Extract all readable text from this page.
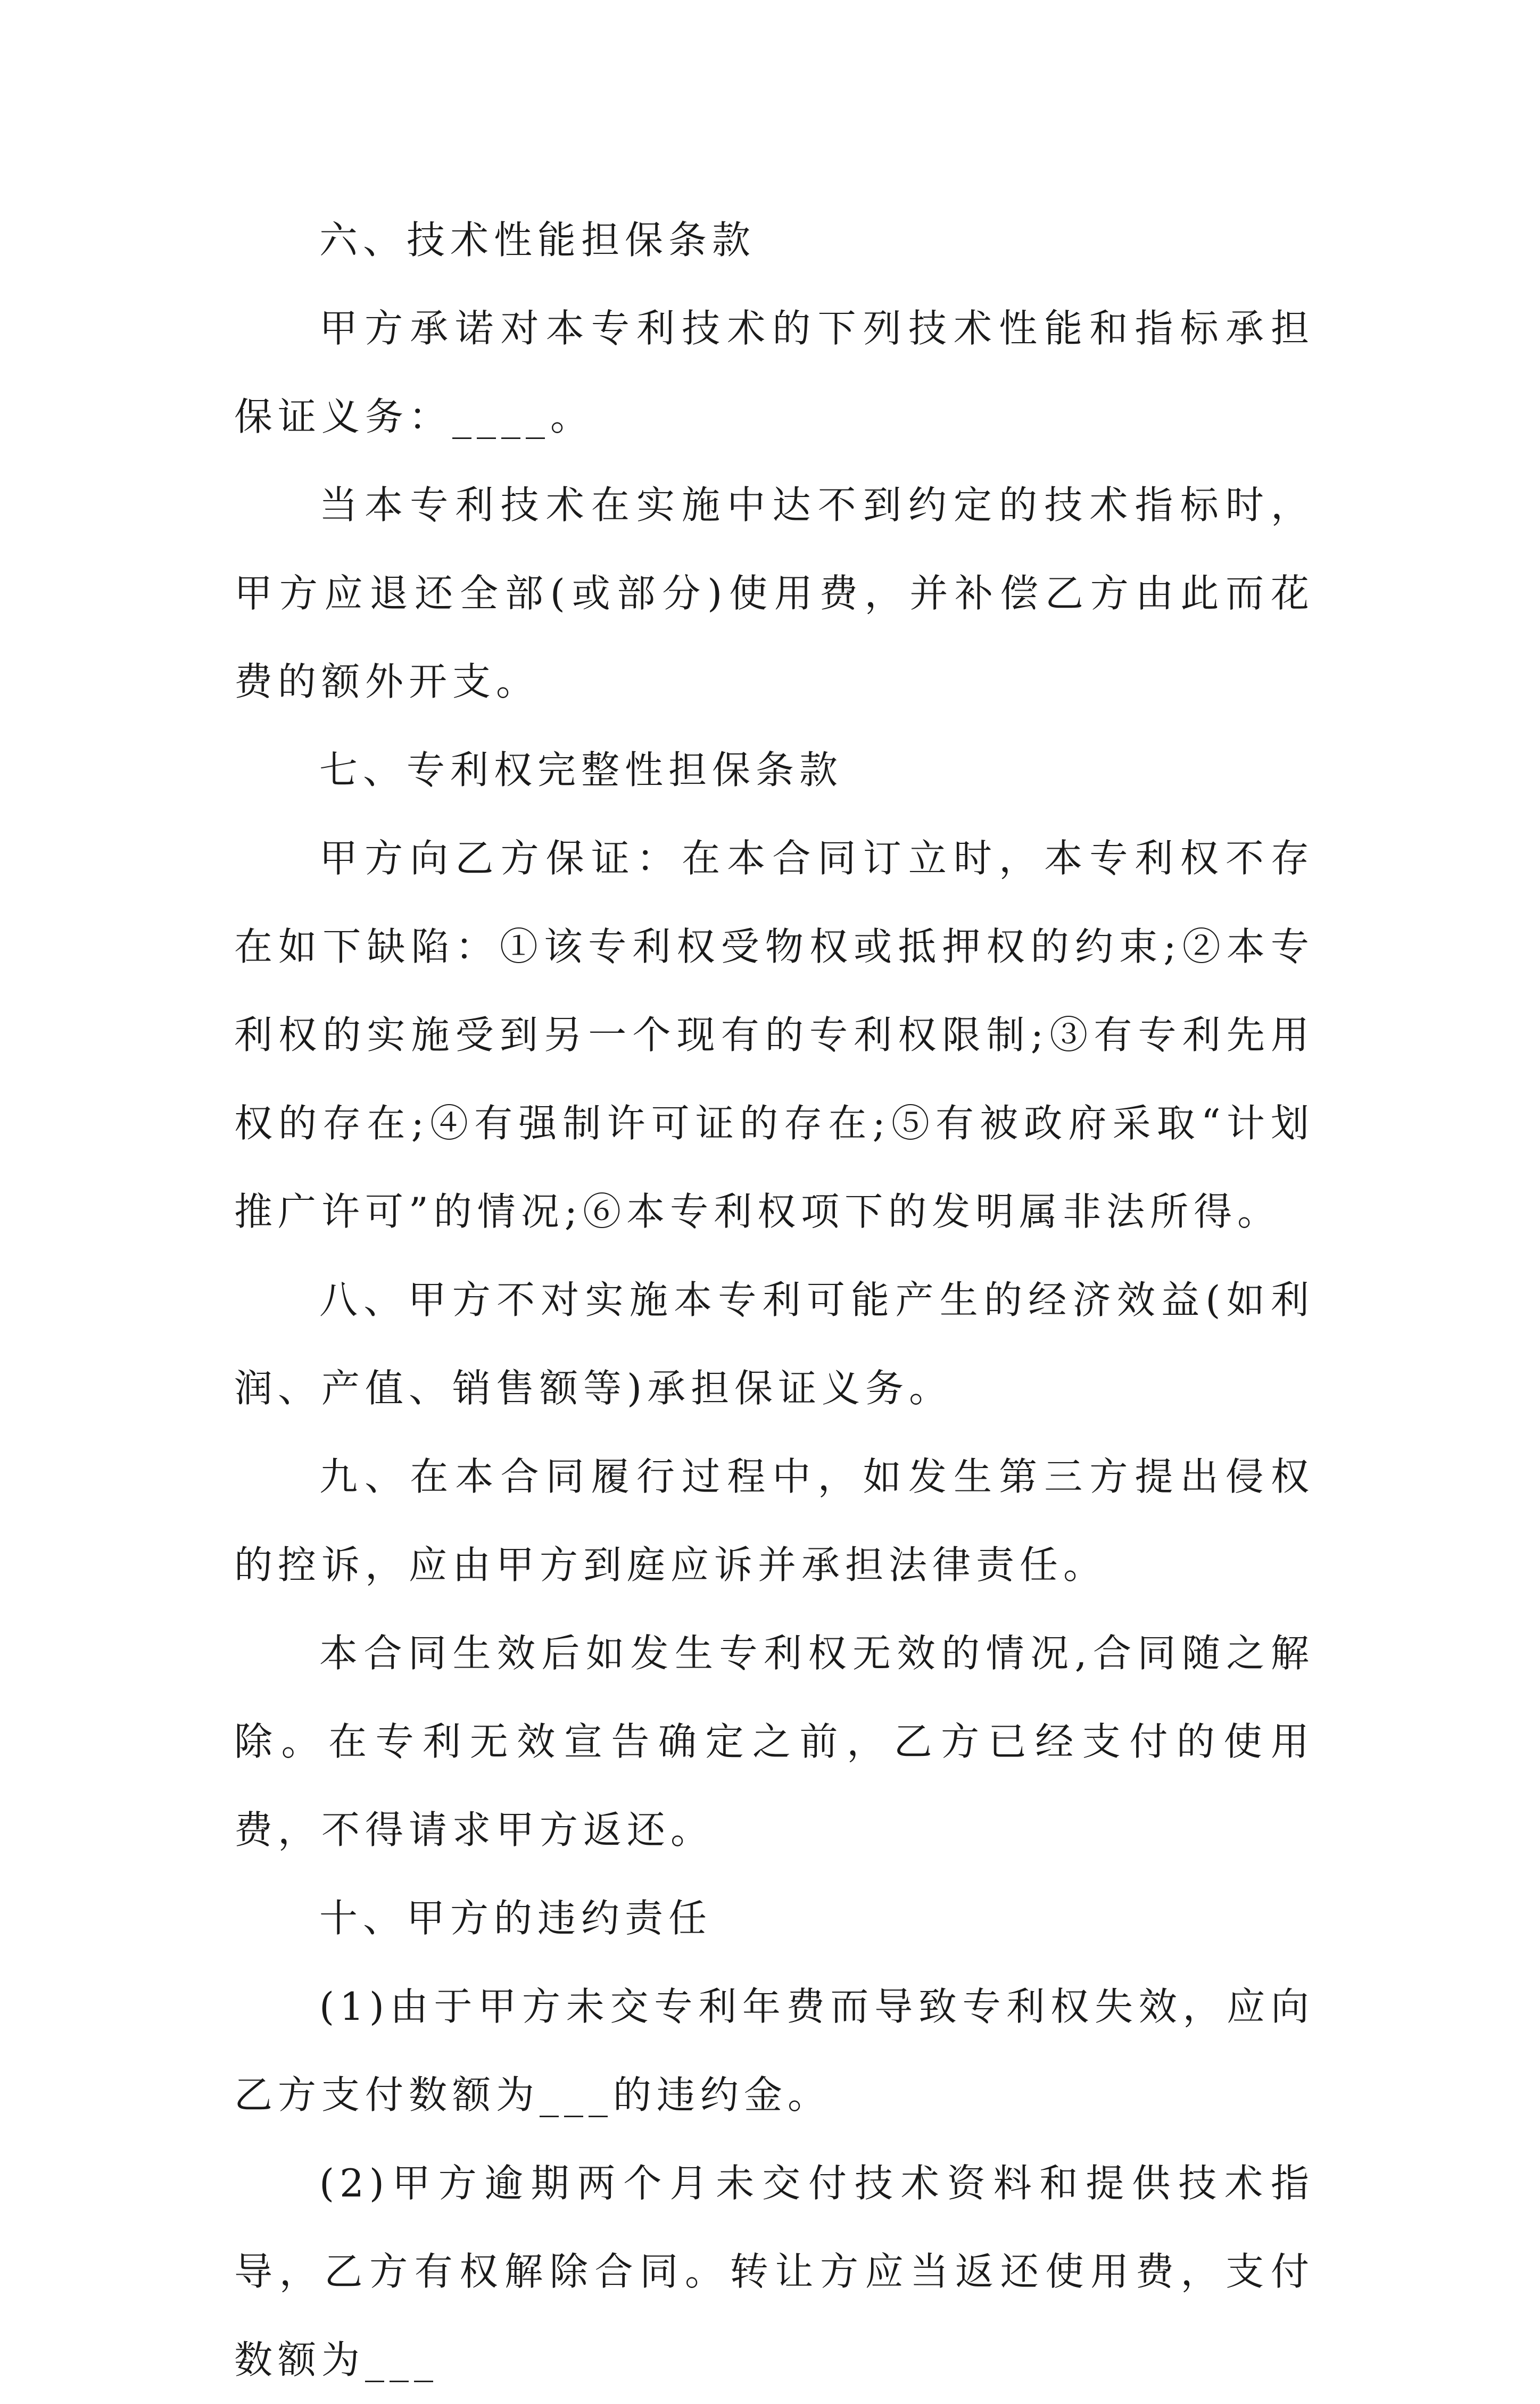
六、技术性能担保条款

甲方承诺对本专利技术的下列技术性能和指标承担保证义务：____。

当本专利技术在实施中达不到约定的技术指标时，甲方应退还全部(或部分)使用费，并补偿乙方由此而花费的额外开支。

七、专利权完整性担保条款

甲方向乙方保证：在本合同订立时，本专利权不存在如下缺陷：①该专利权受物权或抵押权的约束;②本专利权的实施受到另一个现有的专利权限制;③有专利先用权的存在;④有强制许可证的存在;⑤有被政府采取“计划推广许可”的情况;⑥本专利权项下的发明属非法所得。

八、甲方不对实施本专利可能产生的经济效益(如利润、产值、销售额等)承担保证义务。

九、在本合同履行过程中，如发生第三方提出侵权的控诉，应由甲方到庭应诉并承担法律责任。

本合同生效后如发生专利权无效的情况,合同随之解除。在专利无效宣告确定之前，乙方已经支付的使用费，不得请求甲方返还。

十、甲方的违约责任

(1)由于甲方未交专利年费而导致专利权失效，应向乙方支付数额为___的违约金。

(2)甲方逾期两个月未交付技术资料和提供技术指导，乙方有权解除合同。转让方应当返还使用费，支付数额为___
